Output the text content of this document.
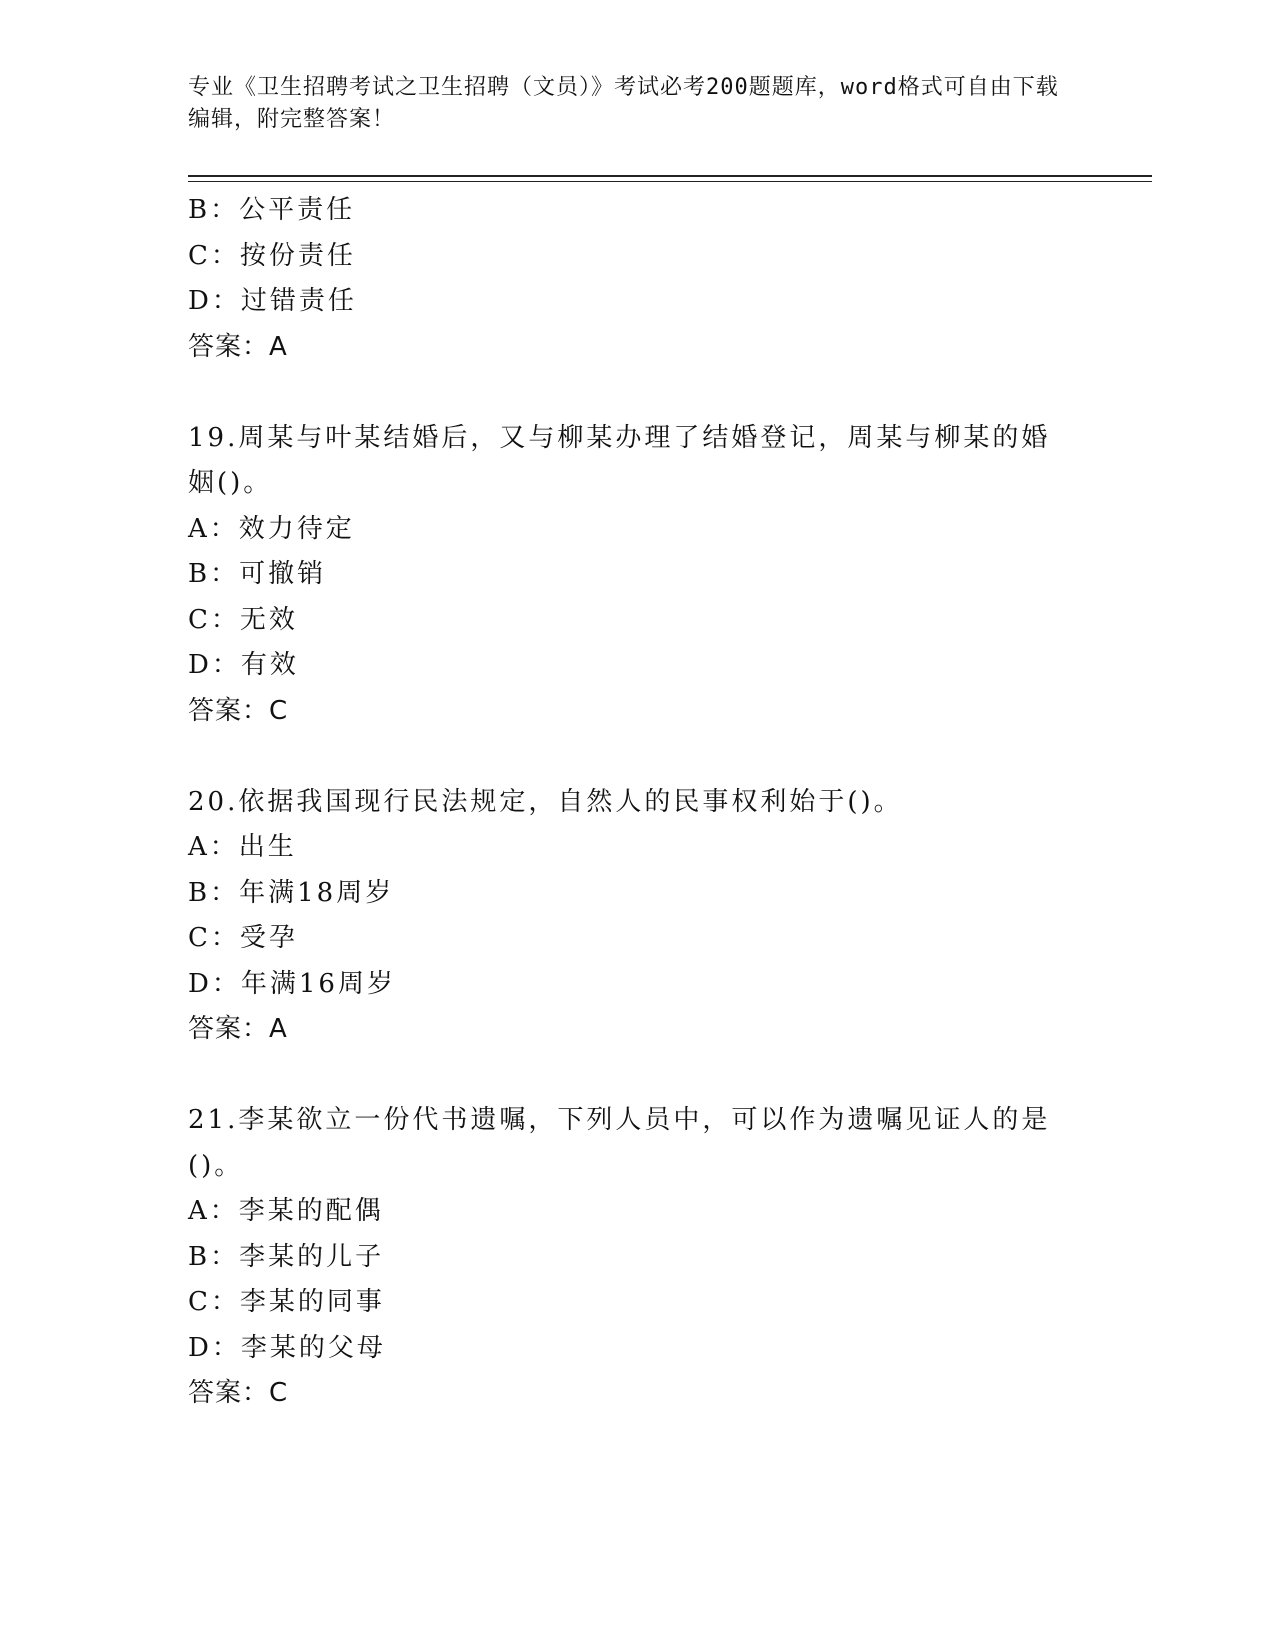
专业《卫生招聘考试之卫生招聘（文员）》考试必考200题题库，word格式可自由下载编辑，附完整答案！
B：公平责任
C：按份责任
D：过错责任
答案：A
19.周某与叶某结婚后，又与柳某办理了结婚登记，周某与柳某的婚姻()。
A：效力待定
B：可撤销
C：无效
D：有效
答案：C
20.依据我国现行民法规定，自然人的民事权利始于()。
A：出生
B：年满18周岁
C：受孕
D：年满16周岁
答案：A
21.李某欲立一份代书遗嘱，下列人员中，可以作为遗嘱见证人的是()。
A：李某的配偶
B：李某的儿子
C：李某的同事
D：李某的父母
答案：C
